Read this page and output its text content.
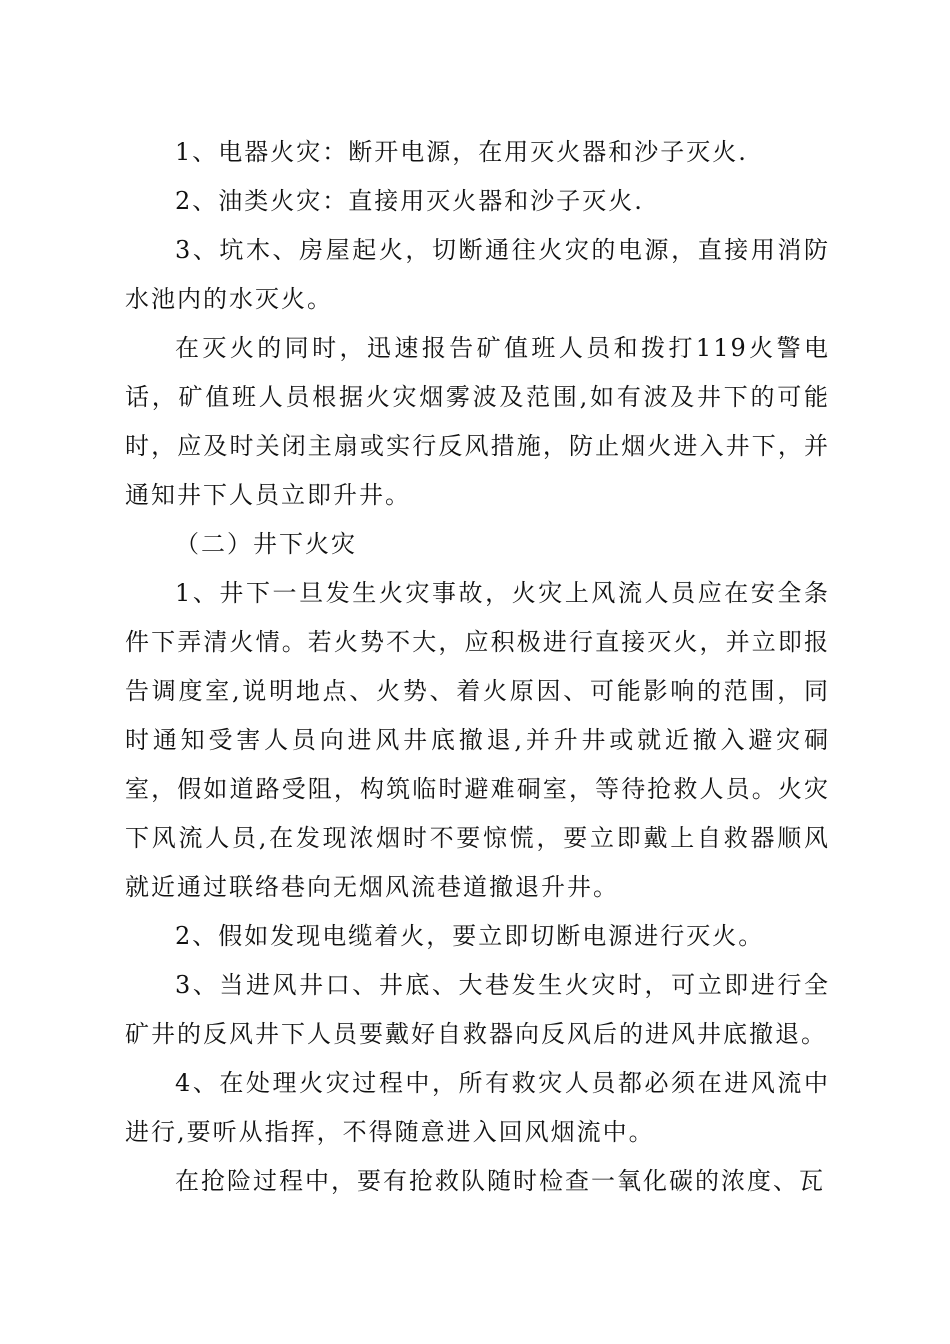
1、电器火灾：断开电源，在用灭火器和沙子灭火.

2、油类火灾：直接用灭火器和沙子灭火.

3、坑木、房屋起火，切断通往火灾的电源，直接用消防水池内的水灭火。

在灭火的同时，迅速报告矿值班人员和拨打119火警电话，矿值班人员根据火灾烟雾波及范围,如有波及井下的可能时，应及时关闭主扇或实行反风措施，防止烟火进入井下，并通知井下人员立即升井。

（二）井下火灾

1、井下一旦发生火灾事故，火灾上风流人员应在安全条件下弄清火情。若火势不大，应积极进行直接灭火，并立即报告调度室,说明地点、火势、着火原因、可能影响的范围，同时通知受害人员向进风井底撤退,并升井或就近撤入避灾硐室，假如道路受阻，构筑临时避难硐室，等待抢救人员。火灾下风流人员,在发现浓烟时不要惊慌，要立即戴上自救器顺风就近通过联络巷向无烟风流巷道撤退升井。

2、假如发现电缆着火，要立即切断电源进行灭火。

3、当进风井口、井底、大巷发生火灾时，可立即进行全矿井的反风井下人员要戴好自救器向反风后的进风井底撤退。

4、在处理火灾过程中，所有救灾人员都必须在进风流中进行,要听从指挥，不得随意进入回风烟流中。

在抢险过程中，要有抢救队随时检查一氧化碳的浓度、瓦
